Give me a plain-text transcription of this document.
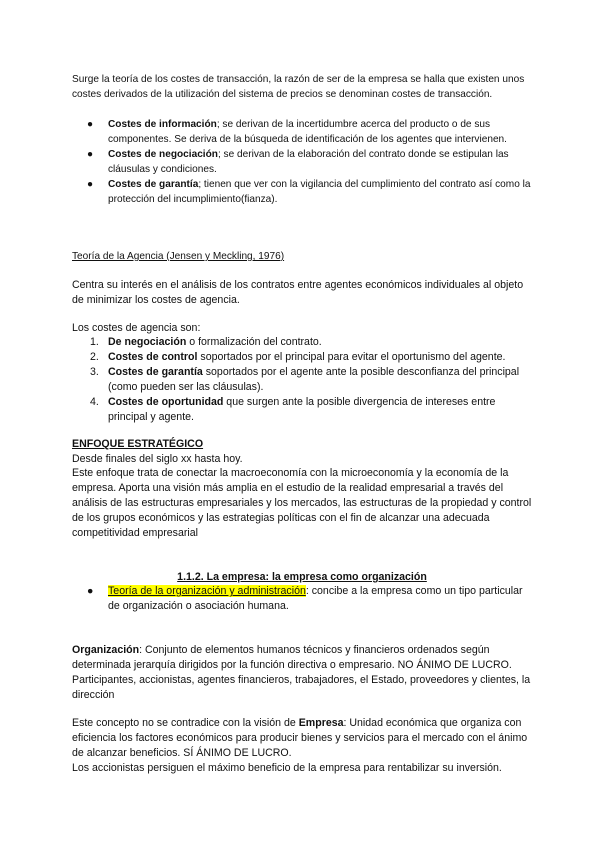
Surge la teoría de los costes de transacción, la razón de ser de la empresa se halla que existen unos costes derivados de la utilización del sistema de precios se denominan costes de transacción.

●	Costes de información; se derivan de la incertidumbre acerca del producto o de sus componentes. Se deriva de la búsqueda de identificación de los agentes que intervienen.
●	Costes de negociación; se derivan de la elaboración del contrato donde se estipulan las cláusulas y condiciones.
●	Costes de garantía; tienen que ver con la vigilancia del cumplimiento del contrato así como la protección del incumplimiento(fianza).

Teoría de la Agencia (Jensen y Meckling, 1976)

Centra su interés en el análisis de los contratos entre agentes económicos individuales al objeto de minimizar los costes de agencia.

Los costes de agencia son:

1. De negociación o formalización del contrato.
2. Costes de control soportados por el principal para evitar el oportunismo del agente.
3. Costes de garantía soportados por el agente ante la posible desconfianza del principal (como pueden ser las cláusulas).
4. Costes de oportunidad que surgen ante la posible divergencia de intereses entre principal y agente.

ENFOQUE ESTRATÉGICO

Desde finales del siglo xx hasta hoy.

Este enfoque trata de conectar la macroeconomía con la microeconomía y la economía de la empresa. Aporta una visión más amplia en el estudio de la realidad empresarial a través del análisis de las estructuras empresariales y los mercados, las estructuras de la propiedad y control de los grupos económicos y las estrategias políticas con el fin de alcanzar una adecuada competitividad empresarial

1.1.2. La empresa: la empresa como organización

●	Teoría de la organización y administración: concibe a la empresa como un tipo particular de organización o asociación humana.

Organización: Conjunto de elementos humanos técnicos y financieros ordenados según determinada jerarquía dirigidos por la función directiva o empresario. NO ÁNIMO DE LUCRO. Participantes, accionistas, agentes financieros, trabajadores, el Estado, proveedores y clientes, la dirección

Este concepto no se contradice con la visión de Empresa: Unidad económica que organiza con eficiencia los factores económicos para producir bienes y servicios para el mercado con el ánimo de alcanzar beneficios. SÍ ÁNIMO DE LUCRO.
Los accionistas persiguen el máximo beneficio de la empresa para rentabilizar su inversión.
